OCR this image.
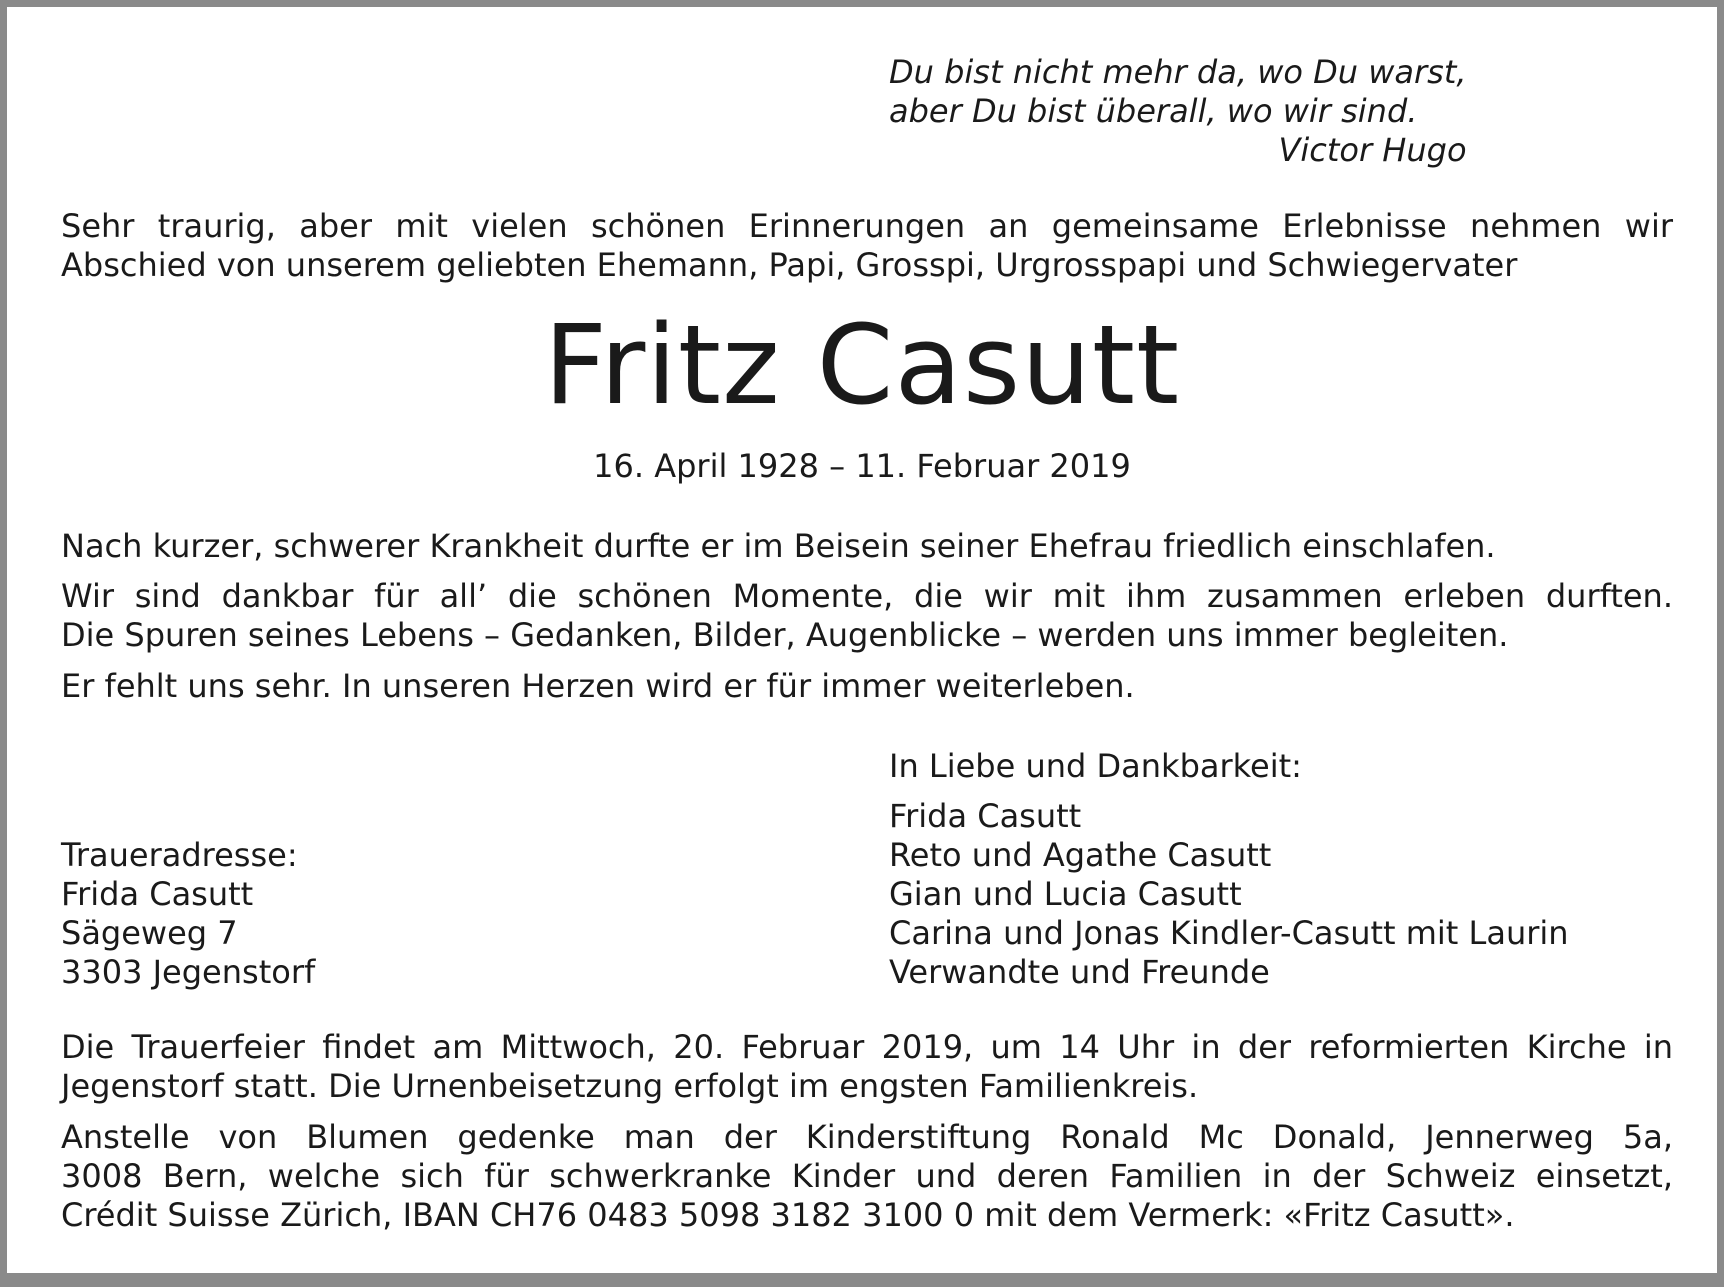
Du bist nicht mehr da, wo Du warst,
aber Du bist überall, wo wir sind.
Victor Hugo
Sehr traurig, aber mit vielen schönen Erinnerungen an gemeinsame Erlebnisse nehmen wir
Abschied von unserem geliebten Ehemann, Papi, Grosspi, Urgrosspapi und Schwiegervater
Fritz Casutt
16. April 1928 – 11. Februar 2019
Nach kurzer, schwerer Krankheit durfte er im Beisein seiner Ehefrau friedlich einschlafen.
Wir sind dankbar für all’ die schönen Momente, die wir mit ihm zusammen erleben durften.
Die Spuren seines Lebens – Gedanken, Bilder, Augenblicke – werden uns immer begleiten.
Er fehlt uns sehr. In unseren Herzen wird er für immer weiterleben.
In Liebe und Dankbarkeit:
Frida Casutt
Reto und Agathe Casutt
Gian und Lucia Casutt
Carina und Jonas Kindler-Casutt mit Laurin
Verwandte und Freunde
Traueradresse:
Frida Casutt
Sägeweg 7
3303 Jegenstorf
Die Trauerfeier findet am Mittwoch, 20. Februar 2019, um 14 Uhr in der reformierten Kirche in
Jegenstorf statt. Die Urnenbeisetzung erfolgt im engsten Familienkreis.
Anstelle von Blumen gedenke man der Kinderstiftung Ronald Mc Donald, Jennerweg 5a,
3008 Bern, welche sich für schwerkranke Kinder und deren Familien in der Schweiz einsetzt,
Crédit Suisse Zürich, IBAN CH76 0483 5098 3182 3100 0 mit dem Vermerk: «Fritz Casutt».
